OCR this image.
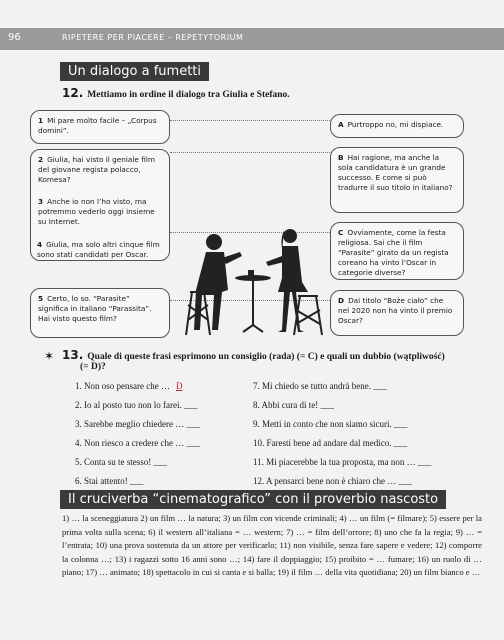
96	RIPETERE PER PIACERE – REPETYTORIUM
Un dialogo a fumetti
12. Mettiamo in ordine il dialogo tra Giulia e Stefano.
1 Mi pare molto facile – „Corpus domini”.
2 Giulia, hai visto il geniale film del giovane regista polacco, Komesa?
3 Anche io non l’ho visto, ma potremmo vederlo oggi insieme su Internet.
4 Giulia, ma solo altri cinque film sono stati candidati per Oscar.
5 Certo, lo so. “Parasite” significa in italiano “Parassita”. Hai visto questo film?
A Purtroppo no, mi dispiace.
B Hai ragione, ma anche la sola candidatura è un grande successo. E come si può tradurre il suo titolo in italiano?
C Ovviamente, come la festa religiosa. Sai che il film “Parasite” girato da un regista coreano ha vinto l’Oscar in categorie diverse?
D Dai titolo “Boże ciało” che nel 2020 non ha vinto il premio Oscar?
✶ 13. Quale di queste frasi esprimono un consiglio (rada) (= C) e quali un dubbio (wątpliwość)
(= D)?
1. Non oso pensare che … D
2. Io al posto tuo non lo farei. ___
3. Sarebbe meglio chiedere … ___
4. Non riesco a credere che … ___
5. Conta su te stesso! ___
6. Stai attento! ___
7. Mi chiedo se tutto andrà bene. ___
8. Abbi cura di te! ___
9. Metti in conto che non siamo sicuri. ___
10. Faresti bene ad andare dal medico. ___
11. Mi piacerebbe la tua proposta, ma non … ___
12. A pensarci bene non è chiaro che … ___
Il cruciverba “cinematografico” con il proverbio nascosto
1) … la sceneggiatura 2) un film … la natura; 3) un film con vicende criminali; 4) … un film (= filmare); 5) essere per la prima volta sulla scena; 6) il western all’italiana = … western; 7) … = film dell’orrore; 8) uno che fa la regia; 9) … = l’entrata; 10) una prova sostenuta da un attore per verificarlo; 11) non visibile, senza fare sapere e vedere; 12) comporre la colonna …; 13) i ragazzi sotto 16 anni sono …; 14) fare il doppiaggio; 15) proibito = … fumare; 16) un ruolo di … piano; 17) … animato; 18) spettacolo in cui si canta e si balla; 19) il film … della vita quotidiana; 20) un film bianco e …
